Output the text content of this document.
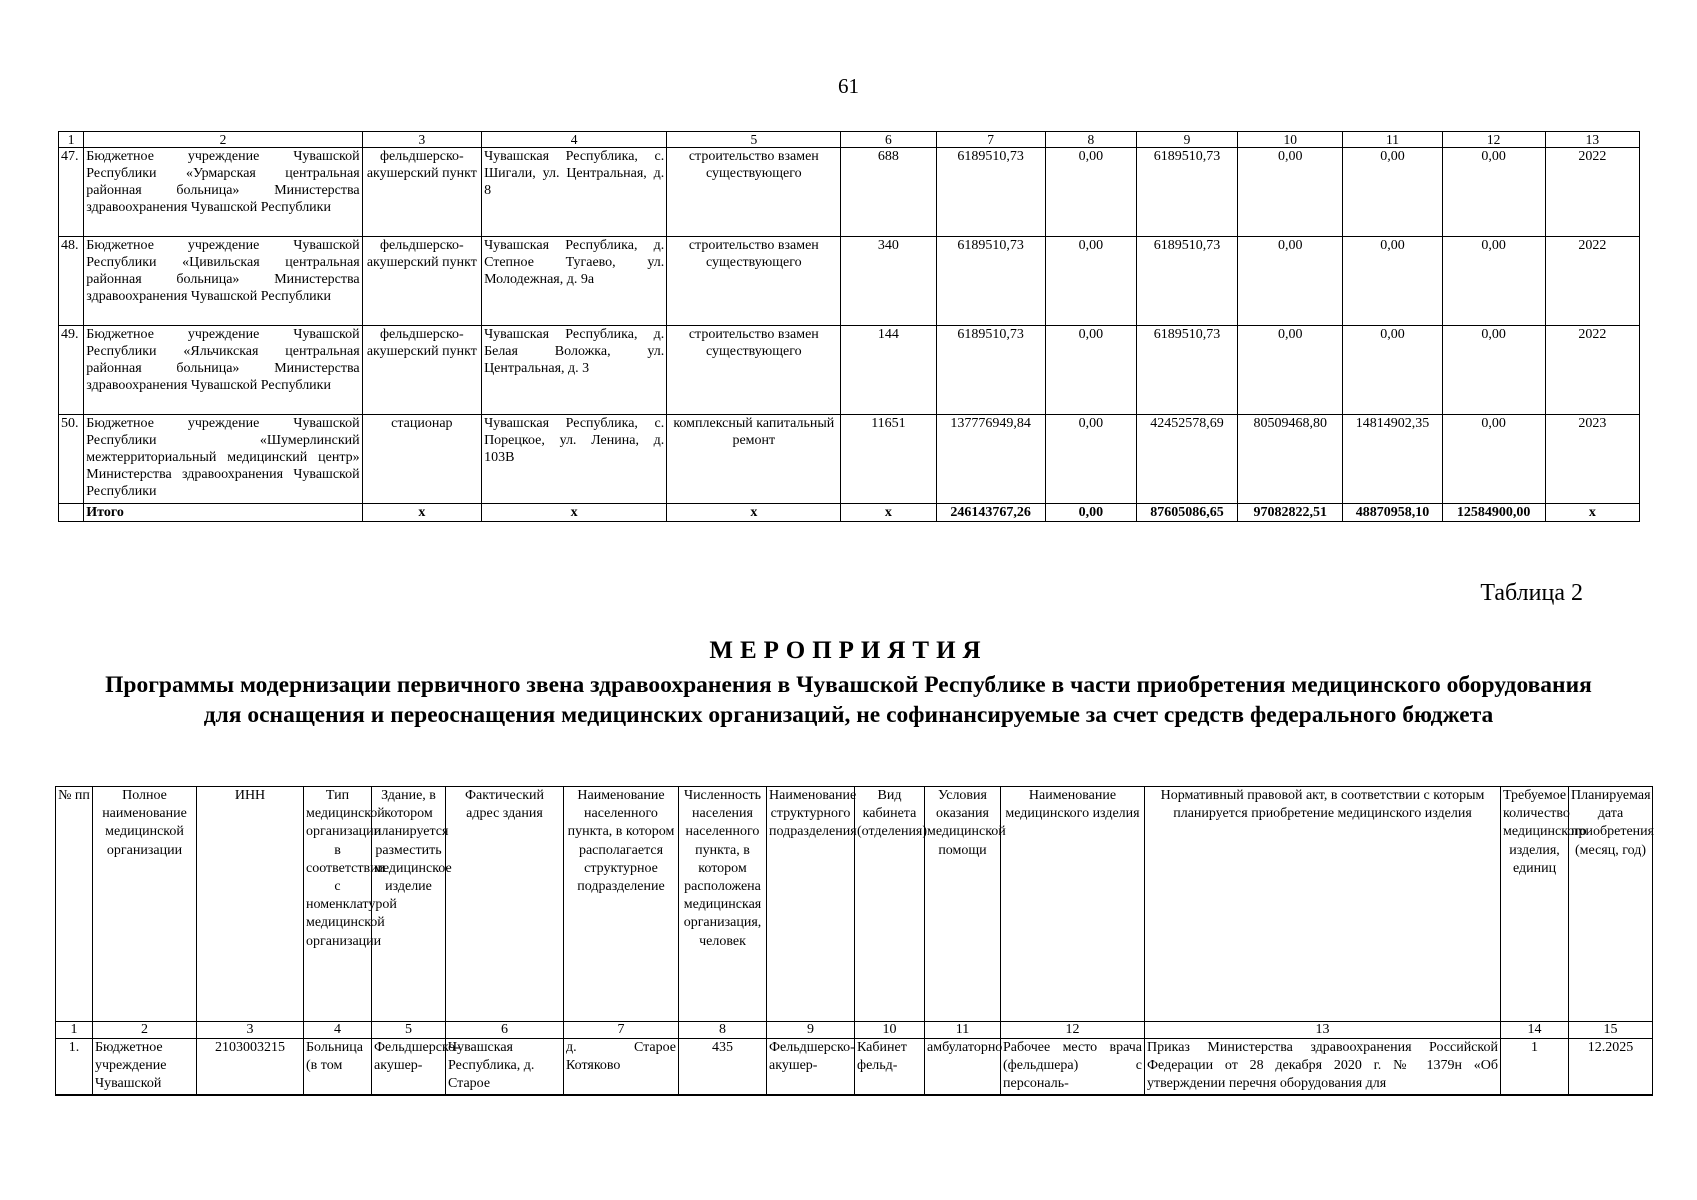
61
1	2	3	4	5	6	7	8	9	10	11	12	13
47.	Бюджетное учреждение Чувашской Республики «Урмарская центральная районная больница» Министерства здравоохранения Чувашской Республики	фельдшерско-акушерский пункт	Чувашская Республика, с. Шигали, ул. Центральная, д. 8	строительство взамен существующего	688	6189510,73	0,00	6189510,73	0,00	0,00	0,00	2022
48.	Бюджетное учреждение Чувашской Республики «Цивильская центральная районная больница» Министерства здравоохранения Чувашской Республики	фельдшерско-акушерский пункт	Чувашская Республика, д. Степное Тугаево, ул. Молодежная, д. 9а	строительство взамен существующего	340	6189510,73	0,00	6189510,73	0,00	0,00	0,00	2022
49.	Бюджетное учреждение Чувашской Республики «Яльчикская центральная районная больница» Министерства здравоохранения Чувашской Республики	фельдшерско-акушерский пункт	Чувашская Республика, д. Белая Воложка, ул. Центральная, д. 3	строительство взамен существующего	144	6189510,73	0,00	6189510,73	0,00	0,00	0,00	2022
50.	Бюджетное учреждение Чувашской Республики «Шумерлинский межтерриториальный медицинский центр» Министерства здравоохранения Чувашской Республики	стационар	Чувашская Республика, с. Порецкое, ул. Ленина, д. 103В	комплексный капитальный ремонт	11651	137776949,84	0,00	42452578,69	80509468,80	14814902,35	0,00	2023
	Итого	x	x	x	x	246143767,26	0,00	87605086,65	97082822,51	48870958,10	12584900,00	x
Таблица 2
МЕРОПРИЯТИЯ
Программы модернизации первичного звена здравоохранения в Чувашской Республике в части приобретения медицинского оборудования для оснащения и переоснащения медицинских организаций, не софинансируемые за счет средств федерального бюджета
№ пп	Полное наименование медицинской организации	ИНН	Тип медицинской организации в соответствии с номенклатурой медицинской организации	Здание, в котором планируется разместить медицинское изделие	Фактический адрес здания	Наименование населенного пункта, в котором располагается структурное подразделение	Численность населения населенного пункта, в котором расположена медицинская организация, человек	Наименование структурного подразделения	Вид кабинета (отделения)	Условия оказания медицинской помощи	Наименование медицинского изделия	Нормативный правовой акт, в соответствии с которым планируется приобретение медицинского изделия	Требуемое количество медицинского изделия, единиц	Планируемая дата приобретения (месяц, год)
1	2	3	4	5	6	7	8	9	10	11	12	13	14	15
1.	Бюджетное учреждение Чувашской	2103003215	Больница (в том	Фельдшерско-акушер-	Чувашская Республика, д. Старое	д. Старое Котяково	435	Фельдшерско-акушер-	Кабинет фельд-	амбулаторно	Рабочее место врача (фельдшера) с персональ-	Приказ Министерства здравоохранения Российской Федерации от 28 декабря 2020 г. № 1379н «Об утверждении перечня оборудования для	1	12.2025
